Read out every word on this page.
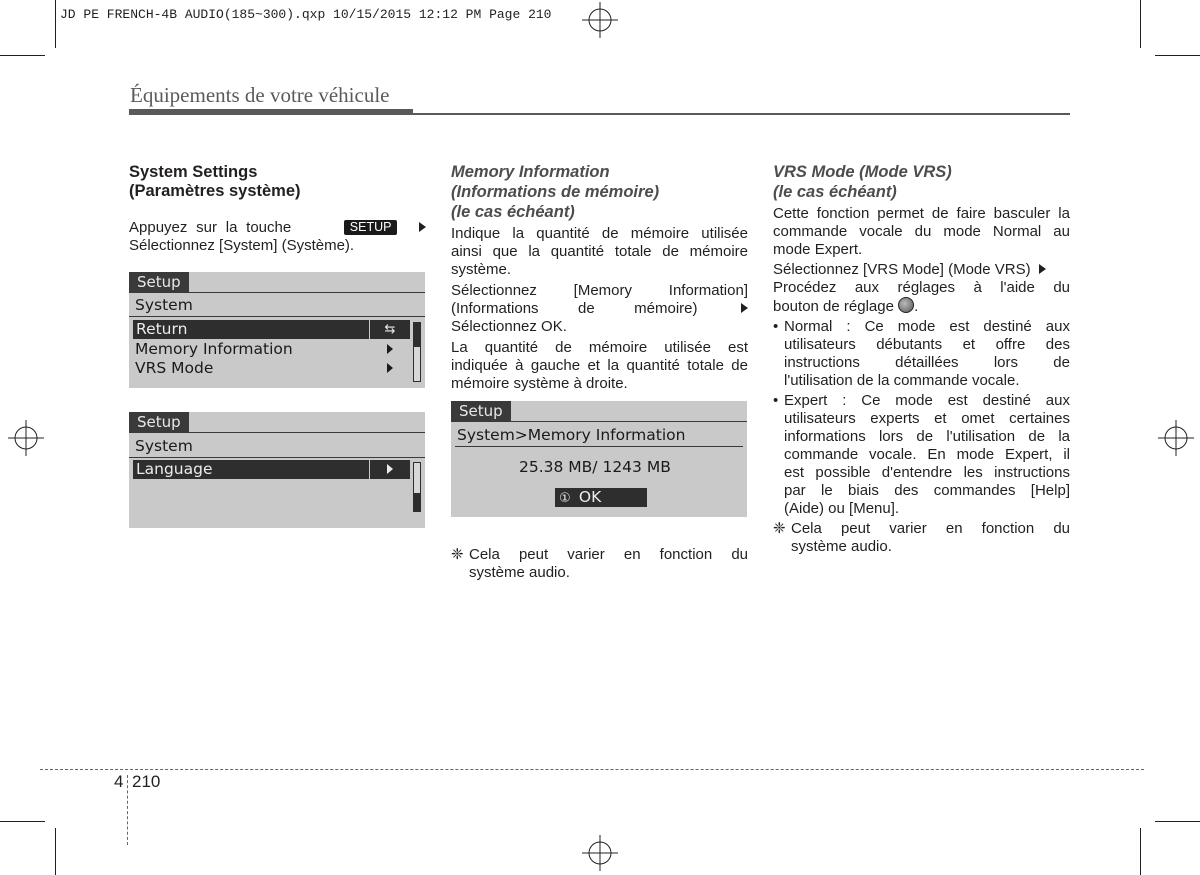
JD PE FRENCH-4B AUDIO(185~300).qxp 10/15/2015 12:12 PM Page 210
Équipements de votre véhicule

System Settings

(Paramètres système)

Appuyez sur la touche	SETUP

Sélectionnez [System] (Système).

Setup
System
Return	⇆
Memory Information
VRS Mode
Setup
System
Language

Memory Information

(Informations de mémoire)

(le cas échéant)

Indique la quantité de mémoire utilisée

ainsi que la quantité totale de mémoire

système.

Sélectionnez [Memory Information]

(Informations de mémoire)

Sélectionnez OK.

La quantité de mémoire utilisée est

indiquée à gauche et la quantité totale de

mémoire système à droite.

Setup
System>Memory Information
25.38 MB/ 1243 MB
① OK
❈ Cela peut varier en fonction du

système audio.

VRS Mode (Mode VRS)

(le cas échéant)

Cette fonction permet de faire basculer la

commande vocale du mode Normal au

mode Expert.

Sélectionnez [VRS Mode] (Mode VRS)

Procédez aux réglages à l'aide du

bouton de réglage .

• Normal : Ce mode est destiné aux

utilisateurs débutants et offre des

instructions détaillées lors de

l'utilisation de la commande vocale.

• Expert : Ce mode est destiné aux

utilisateurs experts et omet certaines

informations lors de l'utilisation de la

commande vocale. En mode Expert, il

est possible d'entendre les instructions

par le biais des commandes [Help]

(Aide) ou [Menu].

❈ Cela peut varier en fonction du

système audio.

4 210
